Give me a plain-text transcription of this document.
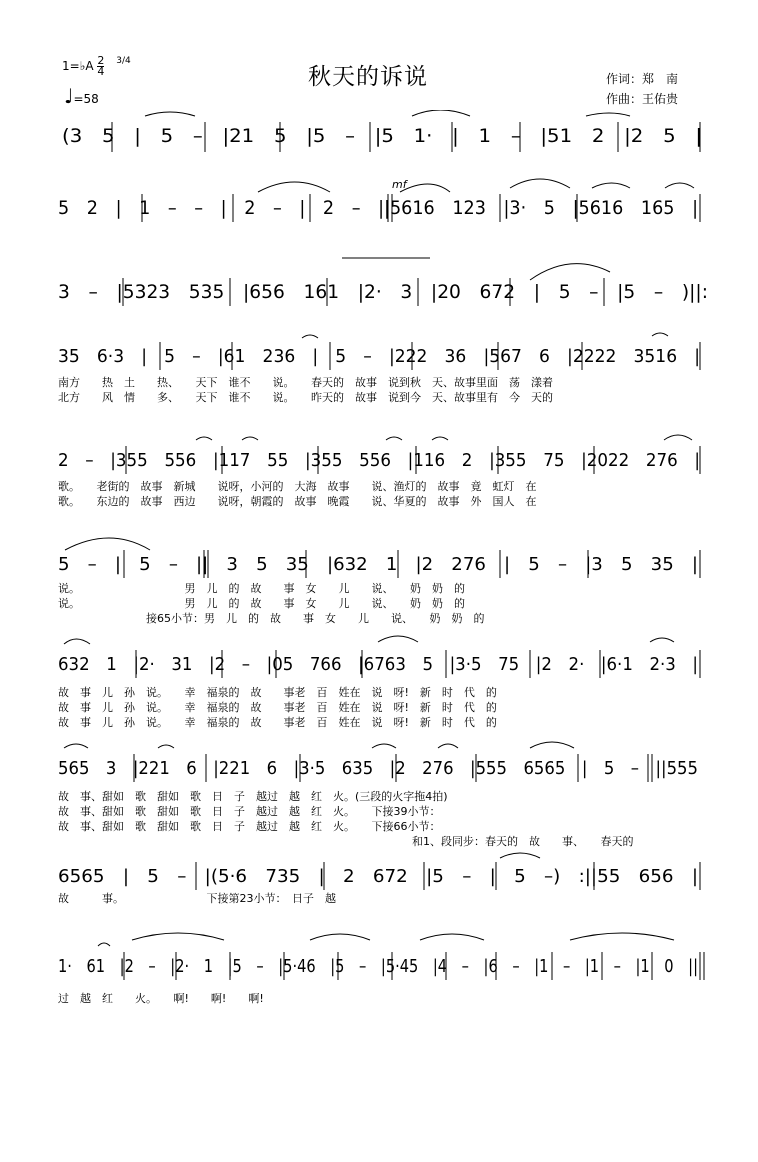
1=♭A $\frac{2}{4} ^{3/4}$
♩=58
秋天的诉说	作词：郑　南
作曲：王佑贵
(3　5　|　5　–　|21　5　|5　–　|5　1·　|　1　–　|51　2　|2　5　|
mf
5　2　|　1　–　–　|　2　–　|　2　–　||5616　123　|3·　5　|5616　165　|
3　–　|5323　535　|656　161　|2·　3　|20　672　|　5　–　|5　–　)||:
35　6·3　|　5　–　|61　236　|　5　–　|222　36　|567　6　|2222　3516　|
南方　　热　土　　热、　　天下　谁不　　说。　　春天的　故事　说到秋　天、故事里面　荡　漾着
北方　　风　情　　多、　　天下　谁不　　说。　　昨天的　故事　说到今　天、故事里有　今　天的
2　–　|355　556　|117　55　|355　556　|116　2　|355　75　|2022　276　|
歌。　　老街的　故事　新城　　说呀，小河的　大海　故事　　说、渔灯的　故事　竟　虹灯　在
歌。　　东边的　故事　西边　　说呀，朝霞的　故事　晚霞　　说、华夏的　故事　外　国人　在
5　–　|　5　–　||　3　5　35　|632　1　|2　276　|　5　–　|3　5　35　|
说。　　　　　　　　　　男　儿　的　故　　事　女　　儿　　说、　　奶　奶　的
说。　　　　　　　　　　男　儿　的　故　　事　女　　儿　　说、　　奶　奶　的
　　　　　　　　接65小节：男　儿　的　故　　事　女　　儿　　说、　　奶　奶　的
632　1　|2·　31　|2　–　|05　766　|6763　5　|3·5　75　|2　2·　|6·1　2·3　|
故　事　儿　孙　说。　　幸　福泉的　故　　事老　百　姓在　说　呀!　新　时　代　的
故　事　儿　孙　说。　　幸　福泉的　故　　事老　百　姓在　说　呀!　新　时　代　的
故　事　儿　孙　说。　　幸　福泉的　故　　事老　百　姓在　说　呀!　新　时　代　的
565　3　|221　6　|221　6　|3·5　635　|2　276　|555　6565　|　5　–　||555
故　事、甜如　歌　甜如　歌　日　子　越过　越　红　火。(三段的火字拖4拍)
故　事、甜如　歌　甜如　歌　日　子　越过　越　红　火。　　下接39小节：
故　事、甜如　歌　甜如　歌　日　子　越过　越　红　火。　　下接66小节：
和1、段同步：春天的　故　　事、　　春天的
6565　|　5　–　|(5·6　735　|　2　672　|5　–　|　5　–)　:||55　656　|
故　　　事。　　　　　　　　下接第23小节：　日子　越
1·　61　|2　–　|2·　1　|5　–　|5·46　|5　–　|5·45　|4　–　|6　–　|1　–　|1　–　|1　0　||
过　越　红　　火。　　啊!　　啊!　　啊!
